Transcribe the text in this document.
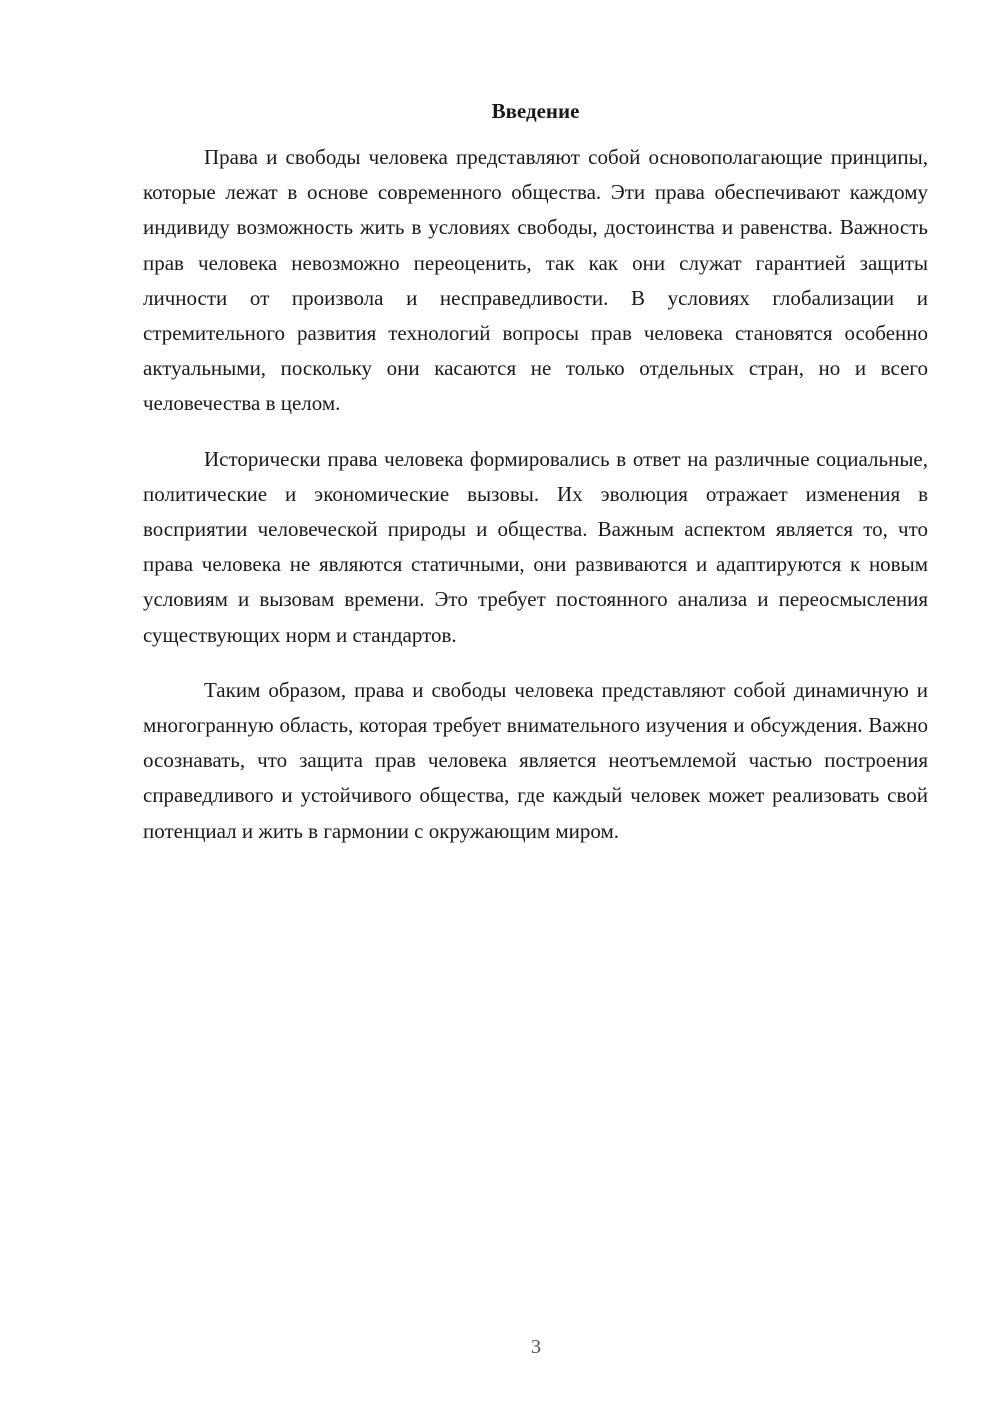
Введение

Права и свободы человека представляют собой основополагающие принципы, которые лежат в основе современного общества. Эти права обеспечивают каждому индивиду возможность жить в условиях свободы, достоинства и равенства. Важность прав человека невозможно переоценить, так как они служат гарантией защиты личности от произвола и несправедливости. В условиях глобализации и стремительного развития технологий вопросы прав человека становятся особенно актуальными, поскольку они касаются не только отдельных стран, но и всего человечества в целом.

Исторически права человека формировались в ответ на различные социальные, политические и экономические вызовы. Их эволюция отражает изменения в восприятии человеческой природы и общества. Важным аспектом является то, что права человека не являются статичными, они развиваются и адаптируются к новым условиям и вызовам времени. Это требует постоянного анализа и переосмысления существующих норм и стандартов.

Таким образом, права и свободы человека представляют собой динамичную и многогранную область, которая требует внимательного изучения и обсуждения. Важно осознавать, что защита прав человека является неотъемлемой частью построения справедливого и устойчивого общества, где каждый человек может реализовать свой потенциал и жить в гармонии с окружающим миром.

3
